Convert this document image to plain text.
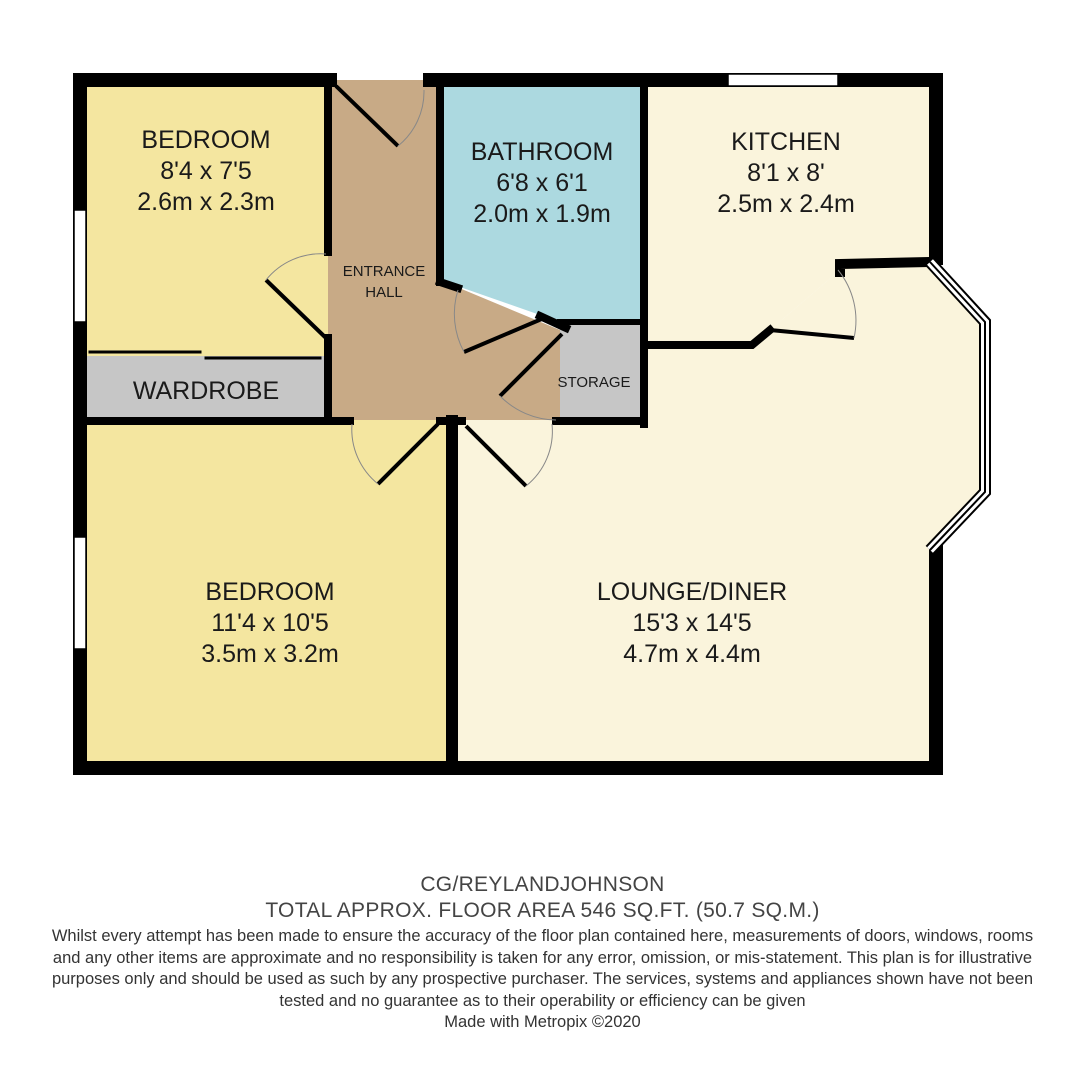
BEDROOM
8'4 x 7'5
2.6m x 2.3m
BATHROOM
6'8 x 6'1
2.0m x 1.9m
KITCHEN
8'1 x 8'
2.5m x 2.4m
ENTRANCE
HALL
STORAGE
WARDROBE
BEDROOM
11'4 x 10'5
3.5m x 3.2m
LOUNGE/DINER
15'3 x 14'5
4.7m x 4.4m
CG/REYLANDJOHNSON
TOTAL APPROX. FLOOR AREA 546 SQ.FT. (50.7 SQ.M.)
Whilst every attempt has been made to ensure the accuracy of the floor plan contained here, measurements of doors, windows, rooms and any other items are approximate and no responsibility is taken for any error, omission, or mis-statement. This plan is for illustrative purposes only and should be used as such by any prospective purchaser. The services, systems and appliances shown have not been tested and no guarantee as to their operability or efficiency can be given
Made with Metropix ©2020
